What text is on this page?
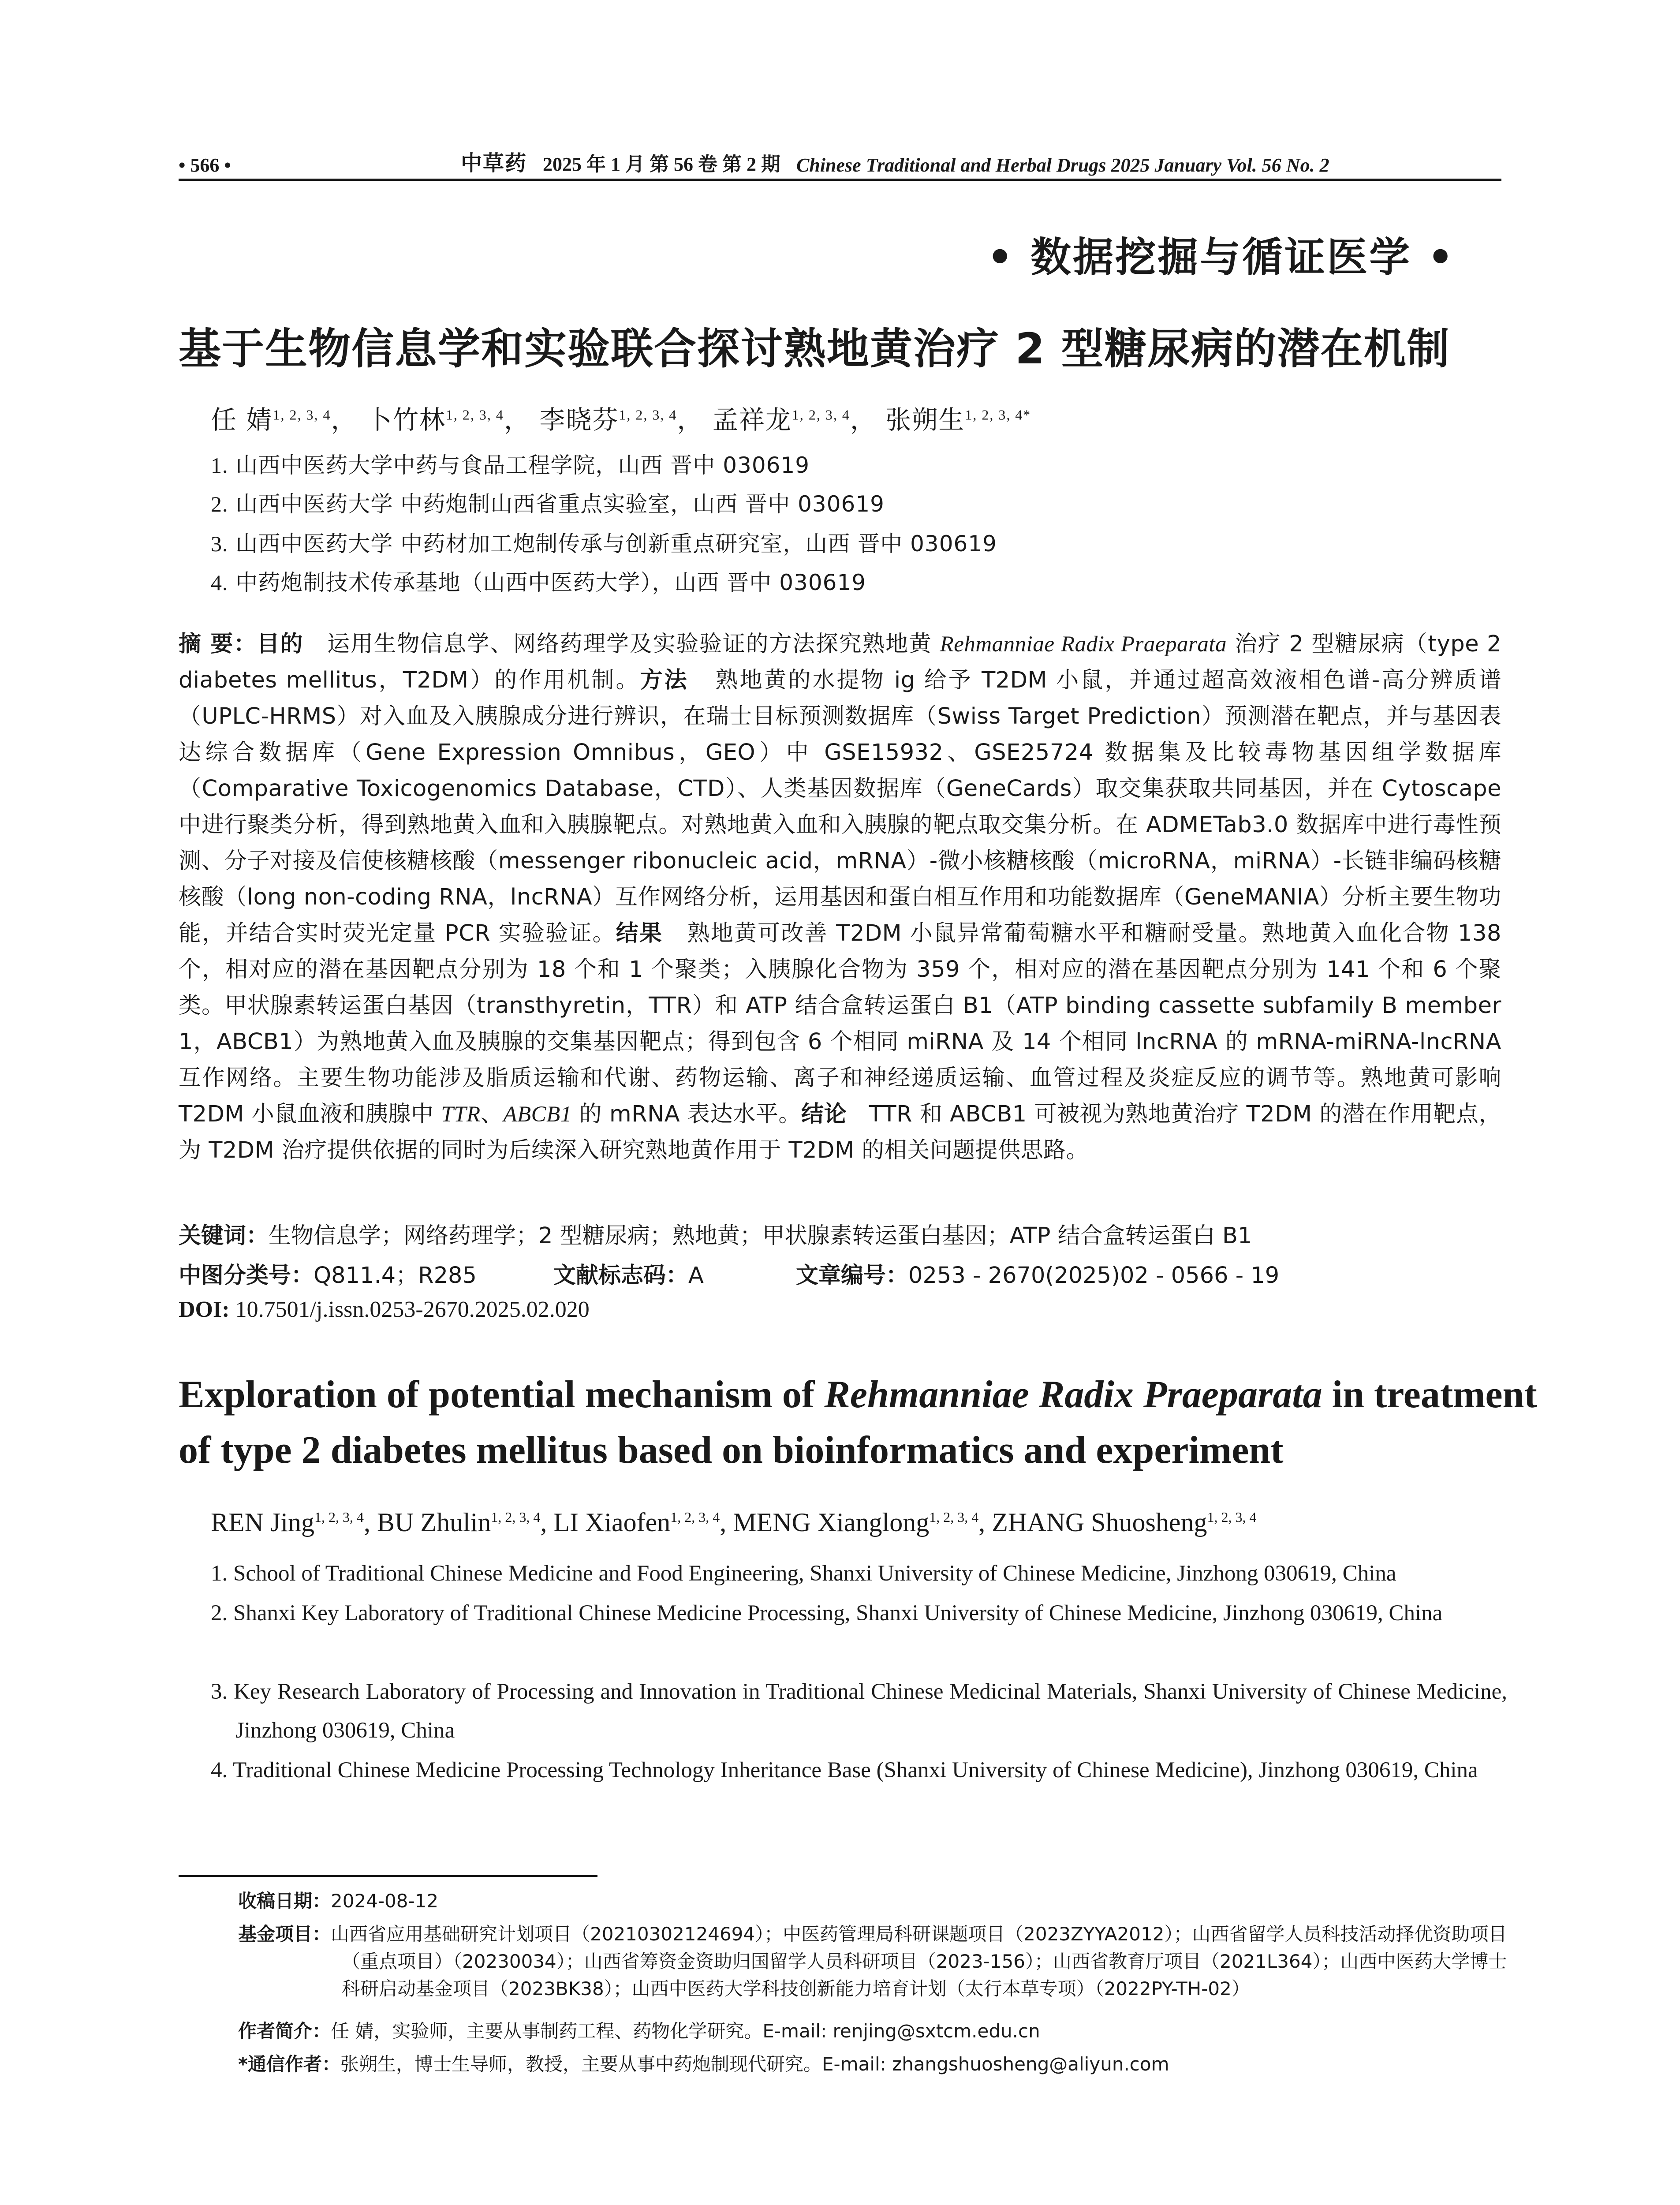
• 566 •	中草药 2025 年 1 月 第 56 卷 第 2 期 Chinese Traditional and Herbal Drugs 2025 January Vol. 56 No. 2
• 数据挖掘与循证医学 •
基于生物信息学和实验联合探讨熟地黄治疗 2 型糖尿病的潜在机制
任 婧$^{1, 2, 3, 4}$， 卜竹林$^{1, 2, 3, 4}$， 李晓芬$^{1, 2, 3, 4}$， 孟祥龙$^{1, 2, 3, 4}$， 张朔生$^{1, 2, 3, 4*}$
1. 山西中医药大学中药与食品工程学院，山西 晋中 030619
2. 山西中医药大学 中药炮制山西省重点实验室，山西 晋中 030619
3. 山西中医药大学 中药材加工炮制传承与创新重点研究室，山西 晋中 030619
4. 中药炮制技术传承基地（山西中医药大学），山西 晋中 030619
摘 要：目的 运用生物信息学、网络药理学及实验验证的方法探究熟地黄 Rehmanniae Radix Praeparata 治疗 2 型糖尿病（type 2 diabetes mellitus，T2DM）的作用机制。方法 熟地黄的水提物 ig 给予 T2DM 小鼠，并通过超高效液相色谱-高分辨质谱（UPLC-HRMS）对入血及入胰腺成分进行辨识，在瑞士目标预测数据库（Swiss Target Prediction）预测潜在靶点，并与基因表达综合数据库（Gene Expression Omnibus，GEO）中 GSE15932、GSE25724 数据集及比较毒物基因组学数据库（Comparative Toxicogenomics Database，CTD）、人类基因数据库（GeneCards）取交集获取共同基因，并在 Cytoscape 中进行聚类分析，得到熟地黄入血和入胰腺靶点。对熟地黄入血和入胰腺的靶点取交集分析。在 ADMETab3.0 数据库中进行毒性预测、分子对接及信使核糖核酸（messenger ribonucleic acid，mRNA）-微小核糖核酸（microRNA，miRNA）-长链非编码核糖核酸（long non-coding RNA，lncRNA）互作网络分析，运用基因和蛋白相互作用和功能数据库（GeneMANIA）分析主要生物功能，并结合实时荧光定量 PCR 实验验证。结果 熟地黄可改善 T2DM 小鼠异常葡萄糖水平和糖耐受量。熟地黄入血化合物 138 个，相对应的潜在基因靶点分别为 18 个和 1 个聚类；入胰腺化合物为 359 个，相对应的潜在基因靶点分别为 141 个和 6 个聚类。甲状腺素转运蛋白基因（transthyretin，TTR）和 ATP 结合盒转运蛋白 B1（ATP binding cassette subfamily B member 1，ABCB1）为熟地黄入血及胰腺的交集基因靶点；得到包含 6 个相同 miRNA 及 14 个相同 lncRNA 的 mRNA-miRNA-lncRNA 互作网络。主要生物功能涉及脂质运输和代谢、药物运输、离子和神经递质运输、血管过程及炎症反应的调节等。熟地黄可影响 T2DM 小鼠血液和胰腺中 TTR、ABCB1 的 mRNA 表达水平。结论 TTR 和 ABCB1 可被视为熟地黄治疗 T2DM 的潜在作用靶点，为 T2DM 治疗提供依据的同时为后续深入研究熟地黄作用于 T2DM 的相关问题提供思路。
关键词：生物信息学；网络药理学；2 型糖尿病；熟地黄；甲状腺素转运蛋白基因；ATP 结合盒转运蛋白 B1
中图分类号：Q811.4；R285	文献标志码：A	文章编号：0253 - 2670(2025)02 - 0566 - 19
DOI: 10.7501/j.issn.0253-2670.2025.02.020
Exploration of potential mechanism of Rehmanniae Radix Praeparata in treatment of type 2 diabetes mellitus based on bioinformatics and experiment
REN Jing$^{1, 2, 3, 4}$, BU Zhulin$^{1, 2, 3, 4}$, LI Xiaofen$^{1, 2, 3, 4}$, MENG Xianglong$^{1, 2, 3, 4}$, ZHANG Shuosheng$^{1, 2, 3, 4}$
1. School of Traditional Chinese Medicine and Food Engineering, Shanxi University of Chinese Medicine, Jinzhong 030619, China
2. Shanxi Key Laboratory of Traditional Chinese Medicine Processing, Shanxi University of Chinese Medicine, Jinzhong 030619, China
3. Key Research Laboratory of Processing and Innovation in Traditional Chinese Medicinal Materials, Shanxi University of Chinese Medicine, Jinzhong 030619, China
4. Traditional Chinese Medicine Processing Technology Inheritance Base (Shanxi University of Chinese Medicine), Jinzhong 030619, China
收稿日期：2024-08-12
基金项目：山西省应用基础研究计划项目（20210302124694）；中医药管理局科研课题项目（2023ZYYA2012）；山西省留学人员科技活动择优资助项目（重点项目）（20230034）；山西省筹资金资助归国留学人员科研项目（2023-156）；山西省教育厅项目（2021L364）；山西中医药大学博士科研启动基金项目（2023BK38）；山西中医药大学科技创新能力培育计划（太行本草专项）（2022PY-TH-02）
作者简介：任 婧，实验师，主要从事制药工程、药物化学研究。E-mail: renjing@sxtcm.edu.cn
*通信作者：张朔生，博士生导师，教授，主要从事中药炮制现代研究。E-mail: zhangshuosheng@aliyun.com
